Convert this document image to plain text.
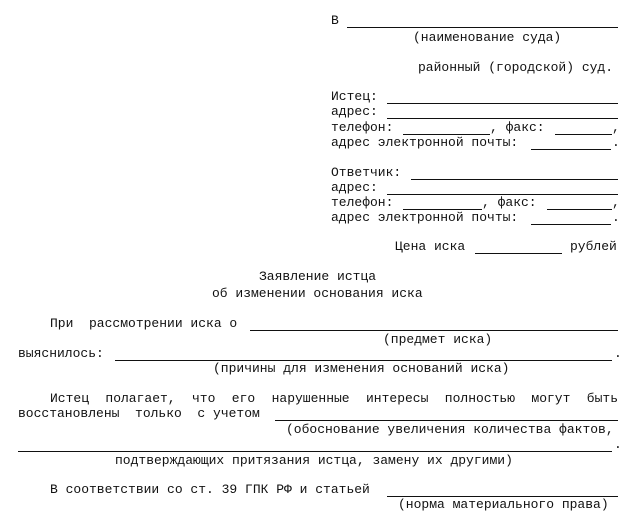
В
(наименование суда)
районный (городской) суд.
Истец:
адрес:
телефон:	, факс:	,
адрес электронной почты:	.
Ответчик:
адрес:
телефон:	, факс:	,
адрес электронной почты:	.
Цена иска	рублей
Заявление истца
об изменении основания иска
При  рассмотрении иска о
(предмет иска)
выяснилось:	.
(причины для изменения оснований иска)
Истец полагает, что его нарушенные интересы полностью могут быть
восстановлены  только  с учетом
(обоснование увеличения количества фактов,
.
подтверждающих притязания истца, замену их другими)
В соответствии со ст. 39 ГПК РФ и статьей
(норма материального права)
